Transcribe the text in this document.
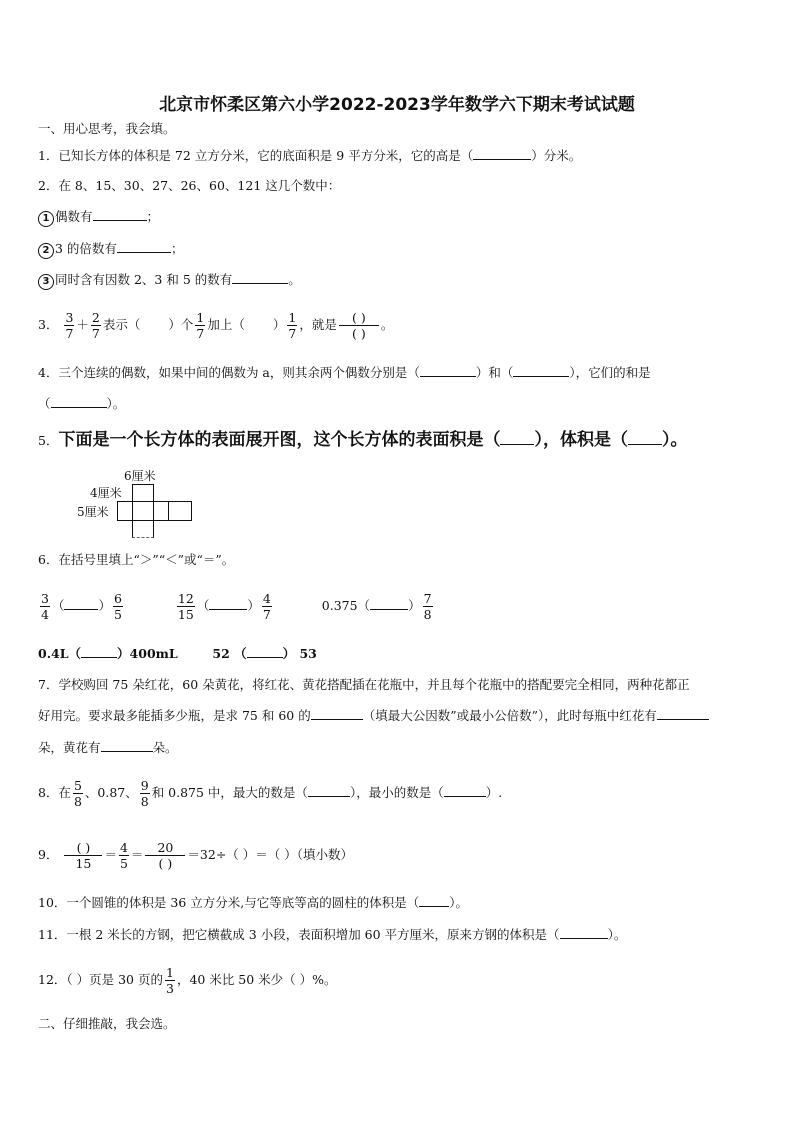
北京市怀柔区第六小学2022-2023学年数学六下期末考试试题
一、用心思考，我会填。
1．已知长方体的体积是 72 立方分米，它的底面积是 9 平方分米，它的高是（	）分米。
2．在 8、15、30、27、26、60、121 这几个数中：
1 偶数有	；
2 3 的倍数有	；
3 同时含有因数 2、3 和 5 的数有	。
3． $\frac{3}{7} + \frac{2}{7}$ 表示（ ）个 $\frac{1}{7}$ 加上（ ） $\frac{1}{7}$ ，就是 $\frac{( )}{( )}$ 。
4．三个连续的偶数，如果中间的偶数为 a，则其余两个偶数分别是（	）和（	），它们的和是
（	）。
5．下面是一个长方体的表面展开图，这个长方体的表面积是（ ），体积是（ ）。
6厘米
4厘米
5厘米
6．在括号里填上“＞”“＜”或“＝”。
$\frac{3}{4}$ （	） $\frac{6}{5}$
	$\frac{12}{15}$ （	） $\frac{4}{7}$	0.375（	） $\frac{7}{8}$
0.4L（	）400mL	52 （	） 53
7．学校购回 75 朵红花，60 朵黄花，将红花、黄花搭配插在花瓶中，并且每个花瓶中的搭配要完全相同，两种花都正
好用完。要求最多能插多少瓶，是求 75 和 60 的	（填最大公因数”或最小公倍数”），此时每瓶中红花有
朵，黄花有	朵。
8．在 $\frac{5}{8}$ 、0.87、 $\frac{9}{8}$ 和 0.875 中，最大的数是（	），最小的数是（	）.
9． $\frac{( )}{15} = \frac{4}{5} = \frac{20}{( )} =32\div$（ ）＝（ ）（填小数）
10．一个圆锥的体积是 36 立方分米,与它等底等高的圆柱的体积是（ ）。
11．一根 2 米长的方钢，把它横截成 3 小段，表面积增加 60 平方厘米，原来方钢的体积是（	）。
12．（ ）页是 30 页的 $\frac{1}{3}$ ，40 米比 50 米少（ ）%。
二、仔细推敲，我会选。
